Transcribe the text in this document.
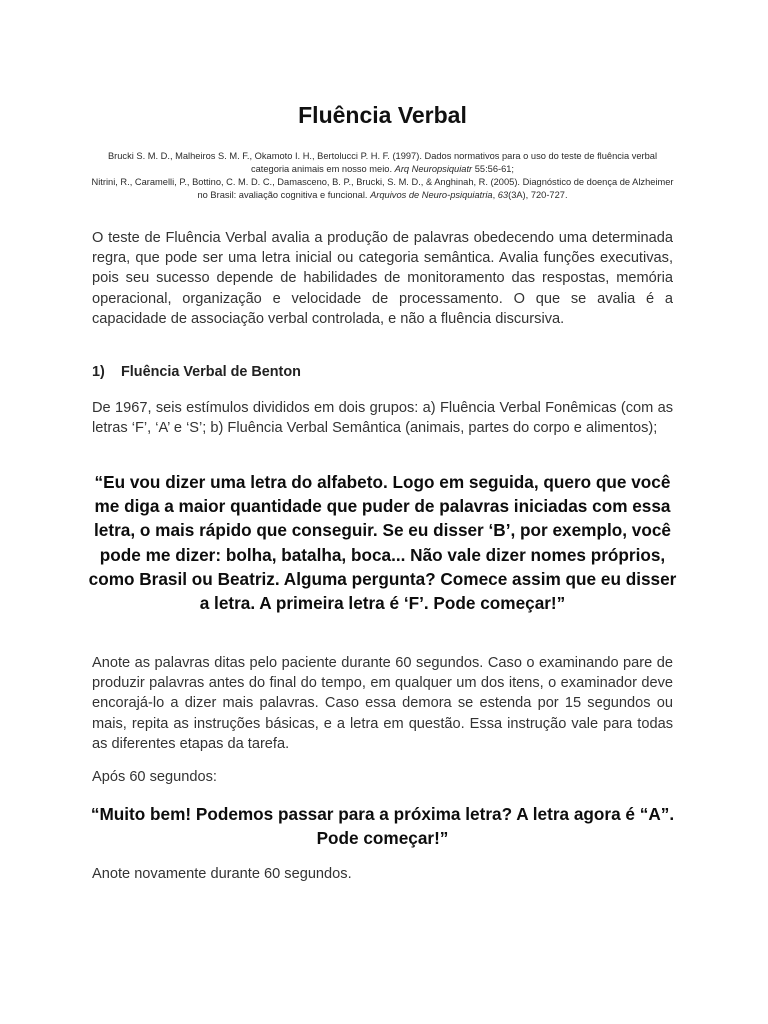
Fluência Verbal

Brucki S. M. D., Malheiros S. M. F., Okamoto I. H., Bertolucci P. H. F. (1997). Dados normativos para o uso do teste de fluência verbal categoria animais em nosso meio. Arq Neuropsiquiatr 55:56-61;

Nitrini, R., Caramelli, P., Bottino, C. M. D. C., Damasceno, B. P., Brucki, S. M. D., & Anghinah, R. (2005). Diagnóstico de doença de Alzheimer no Brasil: avaliação cognitiva e funcional. Arquivos de Neuro-psiquiatria, 63(3A), 720-727.

O teste de Fluência Verbal avalia a produção de palavras obedecendo uma determinada regra, que pode ser uma letra inicial ou categoria semântica. Avalia funções executivas, pois seu sucesso depende de habilidades de monitoramento das respostas, memória operacional, organização e velocidade de processamento. O que se avalia é a capacidade de associação verbal controlada, e não a fluência discursiva.

1) Fluência Verbal de Benton

De 1967, seis estímulos divididos em dois grupos: a) Fluência Verbal Fonêmicas (com as letras ‘F’, ‘A’ e ‘S’; b) Fluência Verbal Semântica (animais, partes do corpo e alimentos);

“Eu vou dizer uma letra do alfabeto. Logo em seguida, quero que você me diga a maior quantidade que puder de palavras iniciadas com essa letra, o mais rápido que conseguir. Se eu disser ‘B’, por exemplo, você pode me dizer: bolha, batalha, boca... Não vale dizer nomes próprios, como Brasil ou Beatriz. Alguma pergunta? Comece assim que eu disser a letra. A primeira letra é ‘F’. Pode começar!”

Anote as palavras ditas pelo paciente durante 60 segundos. Caso o examinando pare de produzir palavras antes do final do tempo, em qualquer um dos itens, o examinador deve encorajá-lo a dizer mais palavras. Caso essa demora se estenda por 15 segundos ou mais, repita as instruções básicas, e a letra em questão. Essa instrução vale para todas as diferentes etapas da tarefa.

Após 60 segundos:

“Muito bem! Podemos passar para a próxima letra? A letra agora é “A”. Pode começar!”

Anote novamente durante 60 segundos.
